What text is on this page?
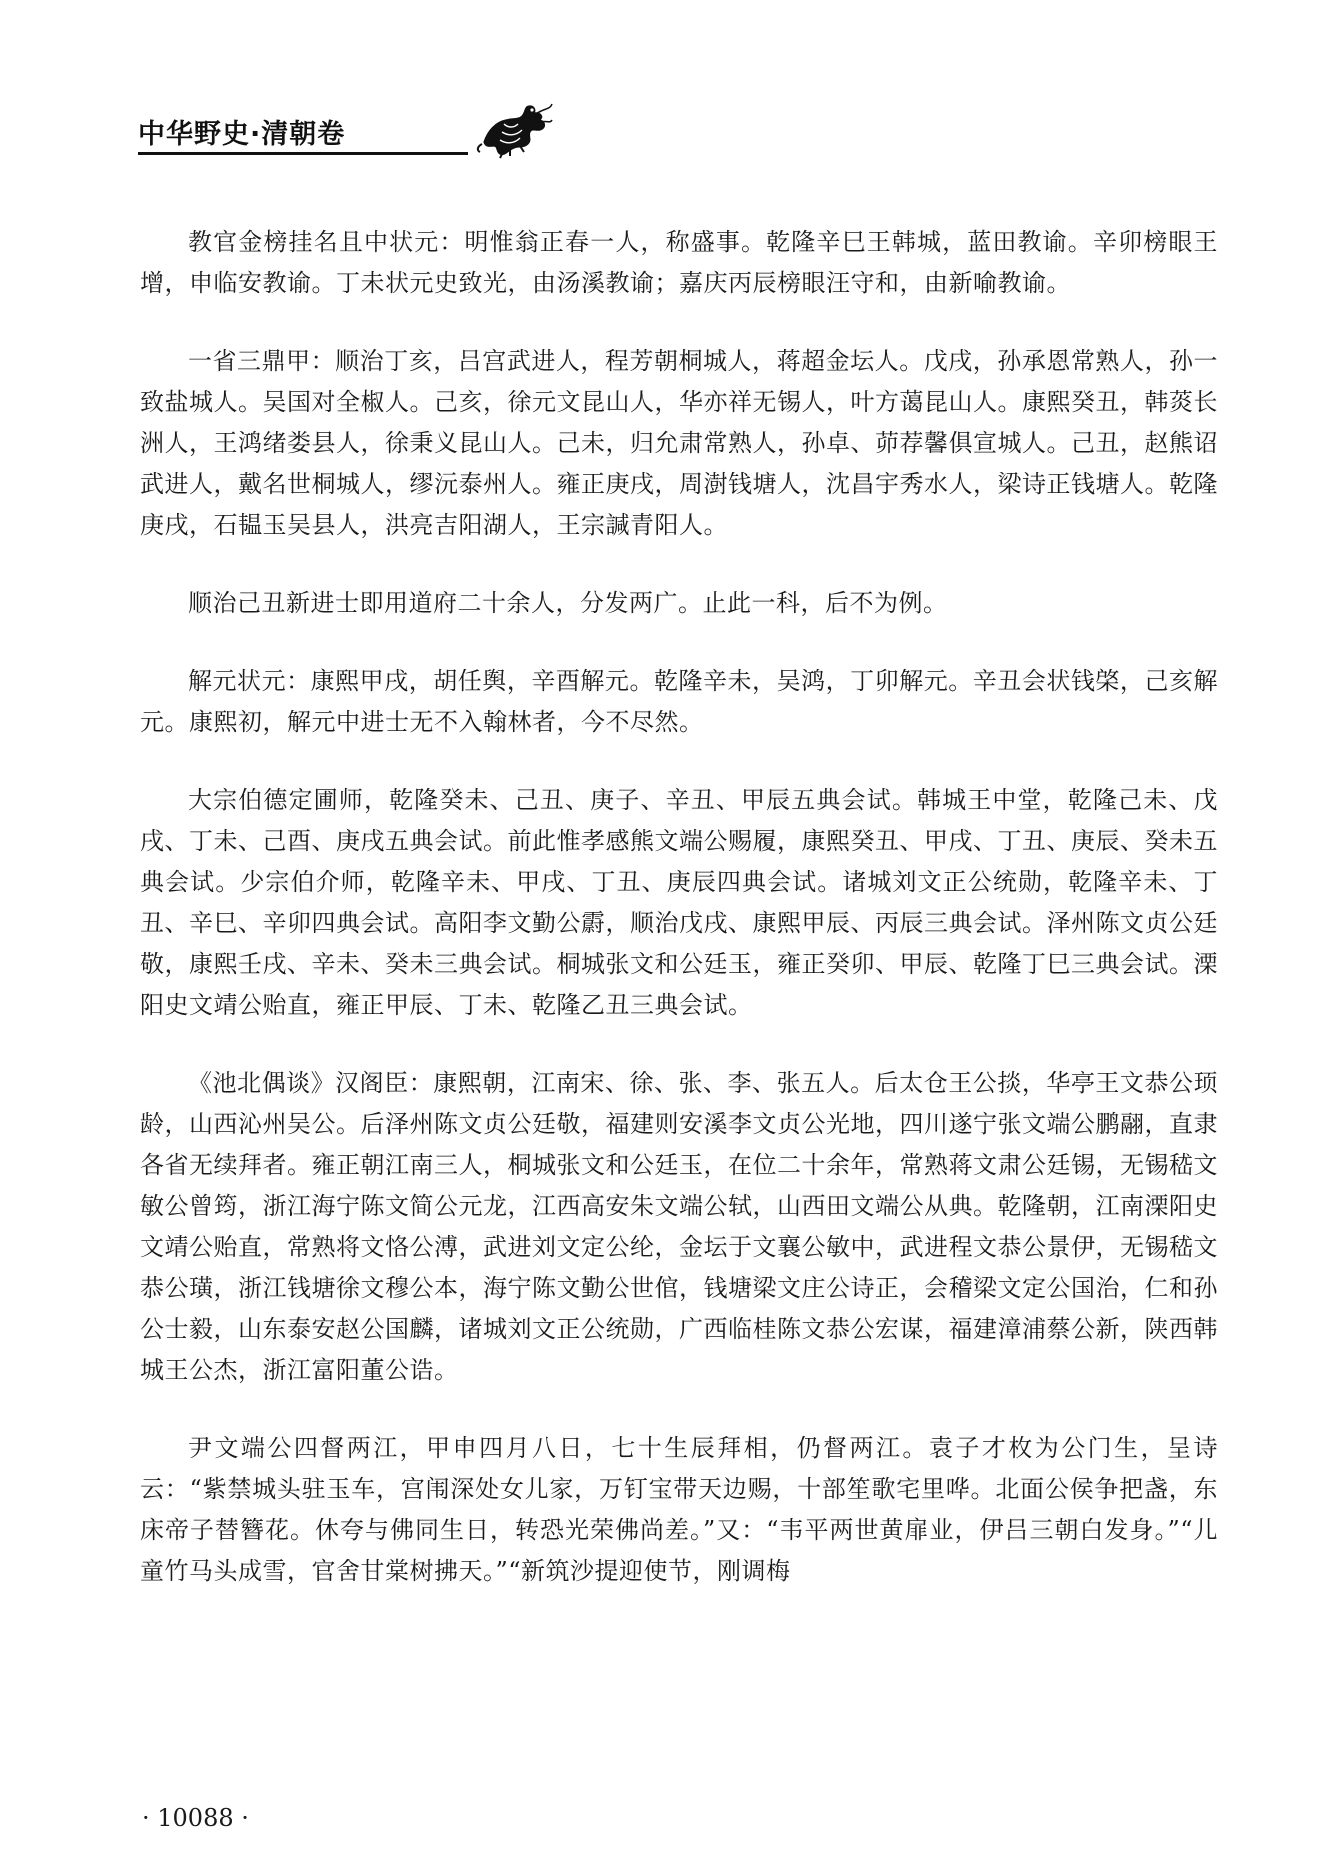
中华野史·清朝卷

教官金榜挂名且中状元：明惟翁正春一人，称盛事。乾隆辛巳王韩城，蓝田教谕。辛卯榜眼王增，申临安教谕。丁未状元史致光，由汤溪教谕；嘉庆丙辰榜眼汪守和，由新喻教谕。

一省三鼎甲：顺治丁亥，吕宫武进人，程芳朝桐城人，蒋超金坛人。戊戌，孙承恩常熟人，孙一致盐城人。吴国对全椒人。己亥，徐元文昆山人，华亦祥无锡人，叶方蔼昆山人。康熙癸丑，韩菼长洲人，王鸿绪娄县人，徐秉义昆山人。己未，归允肃常熟人，孙卓、茆荐馨俱宣城人。己丑，赵熊诏武进人，戴名世桐城人，缪沅泰州人。雍正庚戌，周澍钱塘人，沈昌宇秀水人，梁诗正钱塘人。乾隆庚戌，石韫玉吴县人，洪亮吉阳湖人，王宗諴青阳人。

顺治己丑新进士即用道府二十余人，分发两广。止此一科，后不为例。

解元状元：康熙甲戌，胡任舆，辛酉解元。乾隆辛未，吴鸿，丁卯解元。辛丑会状钱棨，己亥解元。康熙初，解元中进士无不入翰林者，今不尽然。

大宗伯德定圃师，乾隆癸未、己丑、庚子、辛丑、甲辰五典会试。韩城王中堂，乾隆己未、戊戌、丁未、己酉、庚戌五典会试。前此惟孝感熊文端公赐履，康熙癸丑、甲戌、丁丑、庚辰、癸未五典会试。少宗伯介师，乾隆辛未、甲戌、丁丑、庚辰四典会试。诸城刘文正公统勋，乾隆辛未、丁丑、辛巳、辛卯四典会试。高阳李文勤公霨，顺治戊戌、康熙甲辰、丙辰三典会试。泽州陈文贞公廷敬，康熙壬戌、辛未、癸未三典会试。桐城张文和公廷玉，雍正癸卯、甲辰、乾隆丁巳三典会试。溧阳史文靖公贻直，雍正甲辰、丁未、乾隆乙丑三典会试。

《池北偶谈》汉阁臣：康熙朝，江南宋、徐、张、李、张五人。后太仓王公掞，华亭王文恭公顼龄，山西沁州吴公。后泽州陈文贞公廷敬，福建则安溪李文贞公光地，四川遂宁张文端公鹏翮，直隶各省无续拜者。雍正朝江南三人，桐城张文和公廷玉，在位二十余年，常熟蒋文肃公廷锡，无锡嵇文敏公曾筠，浙江海宁陈文简公元龙，江西高安朱文端公轼，山西田文端公从典。乾隆朝，江南溧阳史文靖公贻直，常熟将文恪公溥，武进刘文定公纶，金坛于文襄公敏中，武进程文恭公景伊，无锡嵇文恭公璜，浙江钱塘徐文穆公本，海宁陈文勤公世倌，钱塘梁文庄公诗正，会稽梁文定公国治，仁和孙公士毅，山东泰安赵公国麟，诸城刘文正公统勋，广西临桂陈文恭公宏谋，福建漳浦蔡公新，陕西韩城王公杰，浙江富阳董公诰。

尹文端公四督两江，甲申四月八日，七十生辰拜相，仍督两江。袁子才枚为公门生，呈诗云：“紫禁城头驻玉车，宫闱深处女儿家，万钉宝带天边赐，十部笙歌宅里哗。北面公侯争把盏，东床帝子替簪花。休夸与佛同生日，转恐光荣佛尚差。”又：“韦平两世黄扉业，伊吕三朝白发身。”“儿童竹马头成雪，官舍甘棠树拂天。”“新筑沙提迎使节，刚调梅

· 10088 ·
